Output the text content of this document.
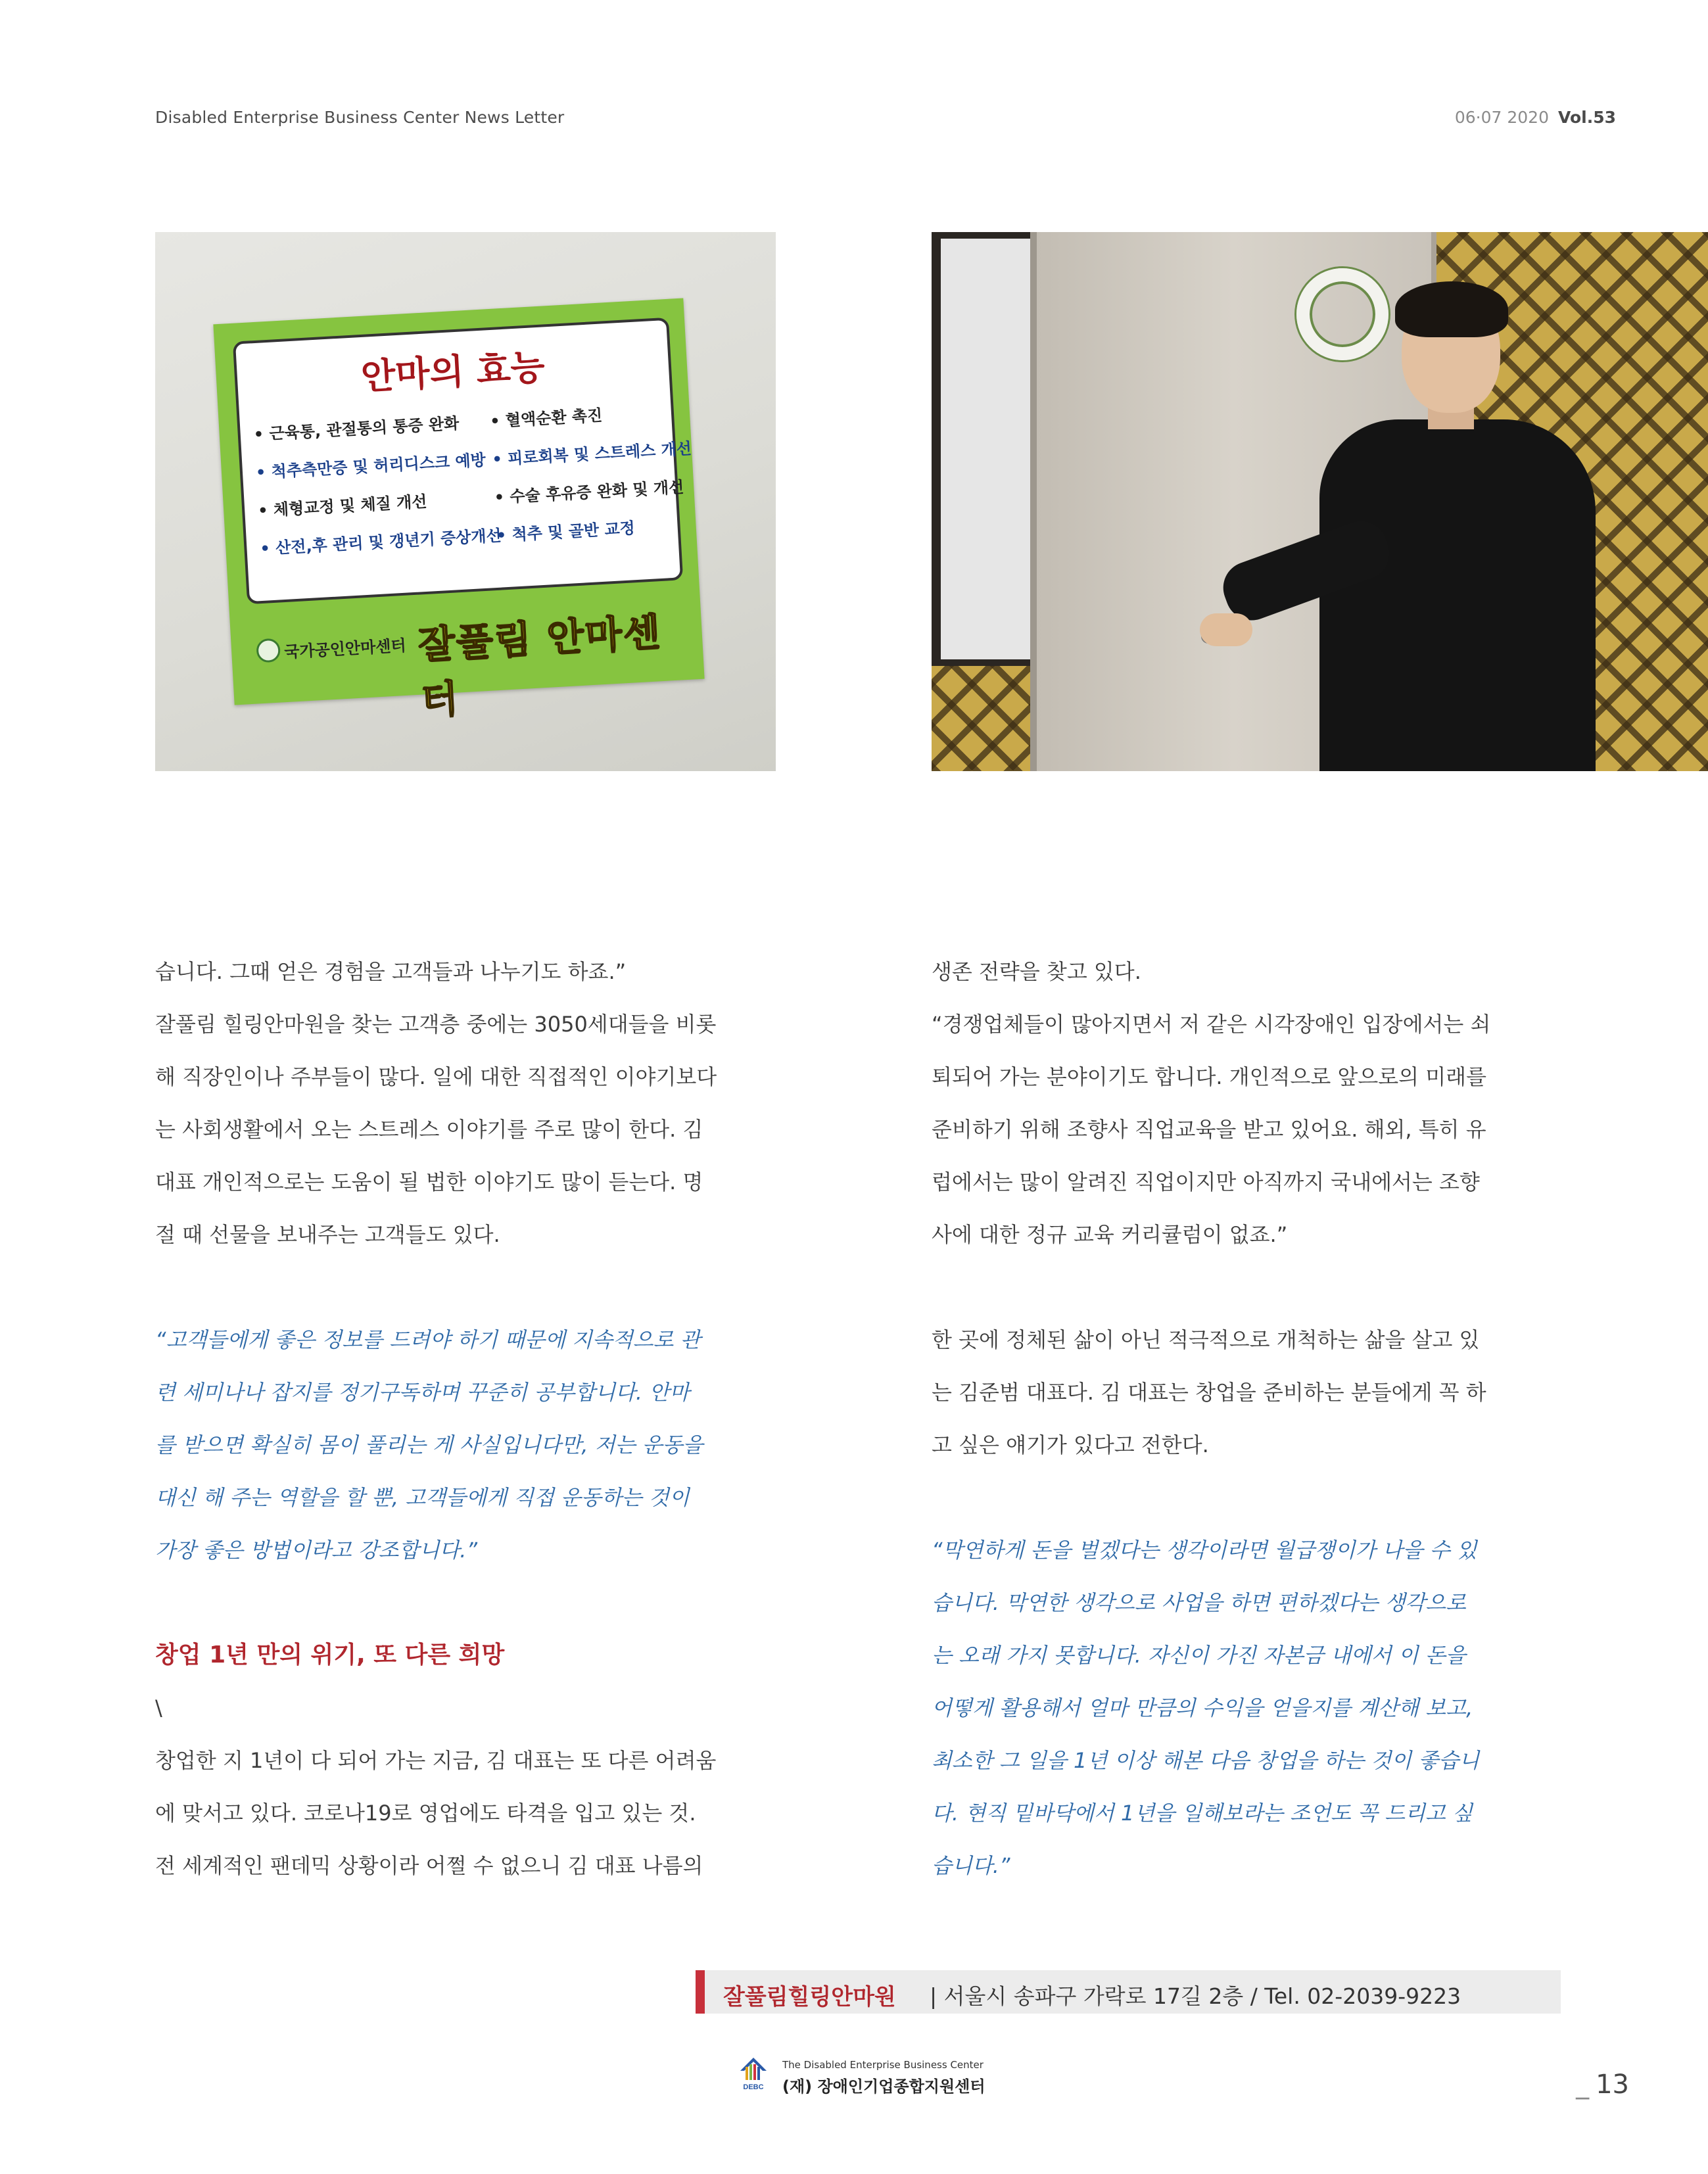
Disabled Enterprise Business Center News Letter	06·07 2020 Vol.53
안마의 효능
• 근육통, 관절통의 통증 완화
• 척추측만증 및 허리디스크 예방
• 체형교정 및 체질 개선
• 산전,후 관리 및 갱년기 증상개선
• 혈액순환 촉진
• 피로회복 및 스트레스 개선
• 수술 후유증 완화 및 개선
• 척추 및 골반 교정
국가공인안마센터 잘풀림 안마센터

습니다. 그때 얻은 경험을 고객들과 나누기도 하죠.”

잘풀림 힐링안마원을 찾는 고객층 중에는 3050세대들을 비롯

해 직장인이나 주부들이 많다. 일에 대한 직접적인 이야기보다

는 사회생활에서 오는 스트레스 이야기를 주로 많이 한다. 김

대표 개인적으로는 도움이 될 법한 이야기도 많이 듣는다. 명

절 때 선물을 보내주는 고객들도 있다.

“고객들에게 좋은 정보를 드려야 하기 때문에 지속적으로 관

련 세미나나 잡지를 정기구독하며 꾸준히 공부합니다. 안마

를 받으면 확실히 몸이 풀리는 게 사실입니다만, 저는 운동을

대신 해 주는 역할을 할 뿐, 고객들에게 직접 운동하는 것이

가장 좋은 방법이라고 강조합니다.”

창업 1년 만의 위기, 또 다른 희망

\

창업한 지 1년이 다 되어 가는 지금, 김 대표는 또 다른 어려움

에 맞서고 있다. 코로나19로 영업에도 타격을 입고 있는 것.

전 세계적인 팬데믹 상황이라 어쩔 수 없으니 김 대표 나름의

생존 전략을 찾고 있다.

“경쟁업체들이 많아지면서 저 같은 시각장애인 입장에서는 쇠

퇴되어 가는 분야이기도 합니다. 개인적으로 앞으로의 미래를

준비하기 위해 조향사 직업교육을 받고 있어요. 해외, 특히 유

럽에서는 많이 알려진 직업이지만 아직까지 국내에서는 조향

사에 대한 정규 교육 커리큘럼이 없죠.”

한 곳에 정체된 삶이 아닌 적극적으로 개척하는 삶을 살고 있

는 김준범 대표다. 김 대표는 창업을 준비하는 분들에게 꼭 하

고 싶은 얘기가 있다고 전한다.

“막연하게 돈을 벌겠다는 생각이라면 월급쟁이가 나을 수 있

습니다. 막연한 생각으로 사업을 하면 편하겠다는 생각으로

는 오래 가지 못합니다. 자신이 가진 자본금 내에서 이 돈을

어떻게 활용해서 얼마 만큼의 수익을 얻을지를 계산해 보고,

최소한 그 일을 1년 이상 해본 다음 창업을 하는 것이 좋습니

다. 현직 밑바닥에서 1년을 일해보라는 조언도 꼭 드리고 싶

습니다.”

잘풀림힐링안마원 | 서울시 송파구 가락로 17길 2층 / Tel. 02-2039-9223
DEBC
The Disabled Enterprise Business Center
(재) 장애인기업종합지원센터	_ 13
